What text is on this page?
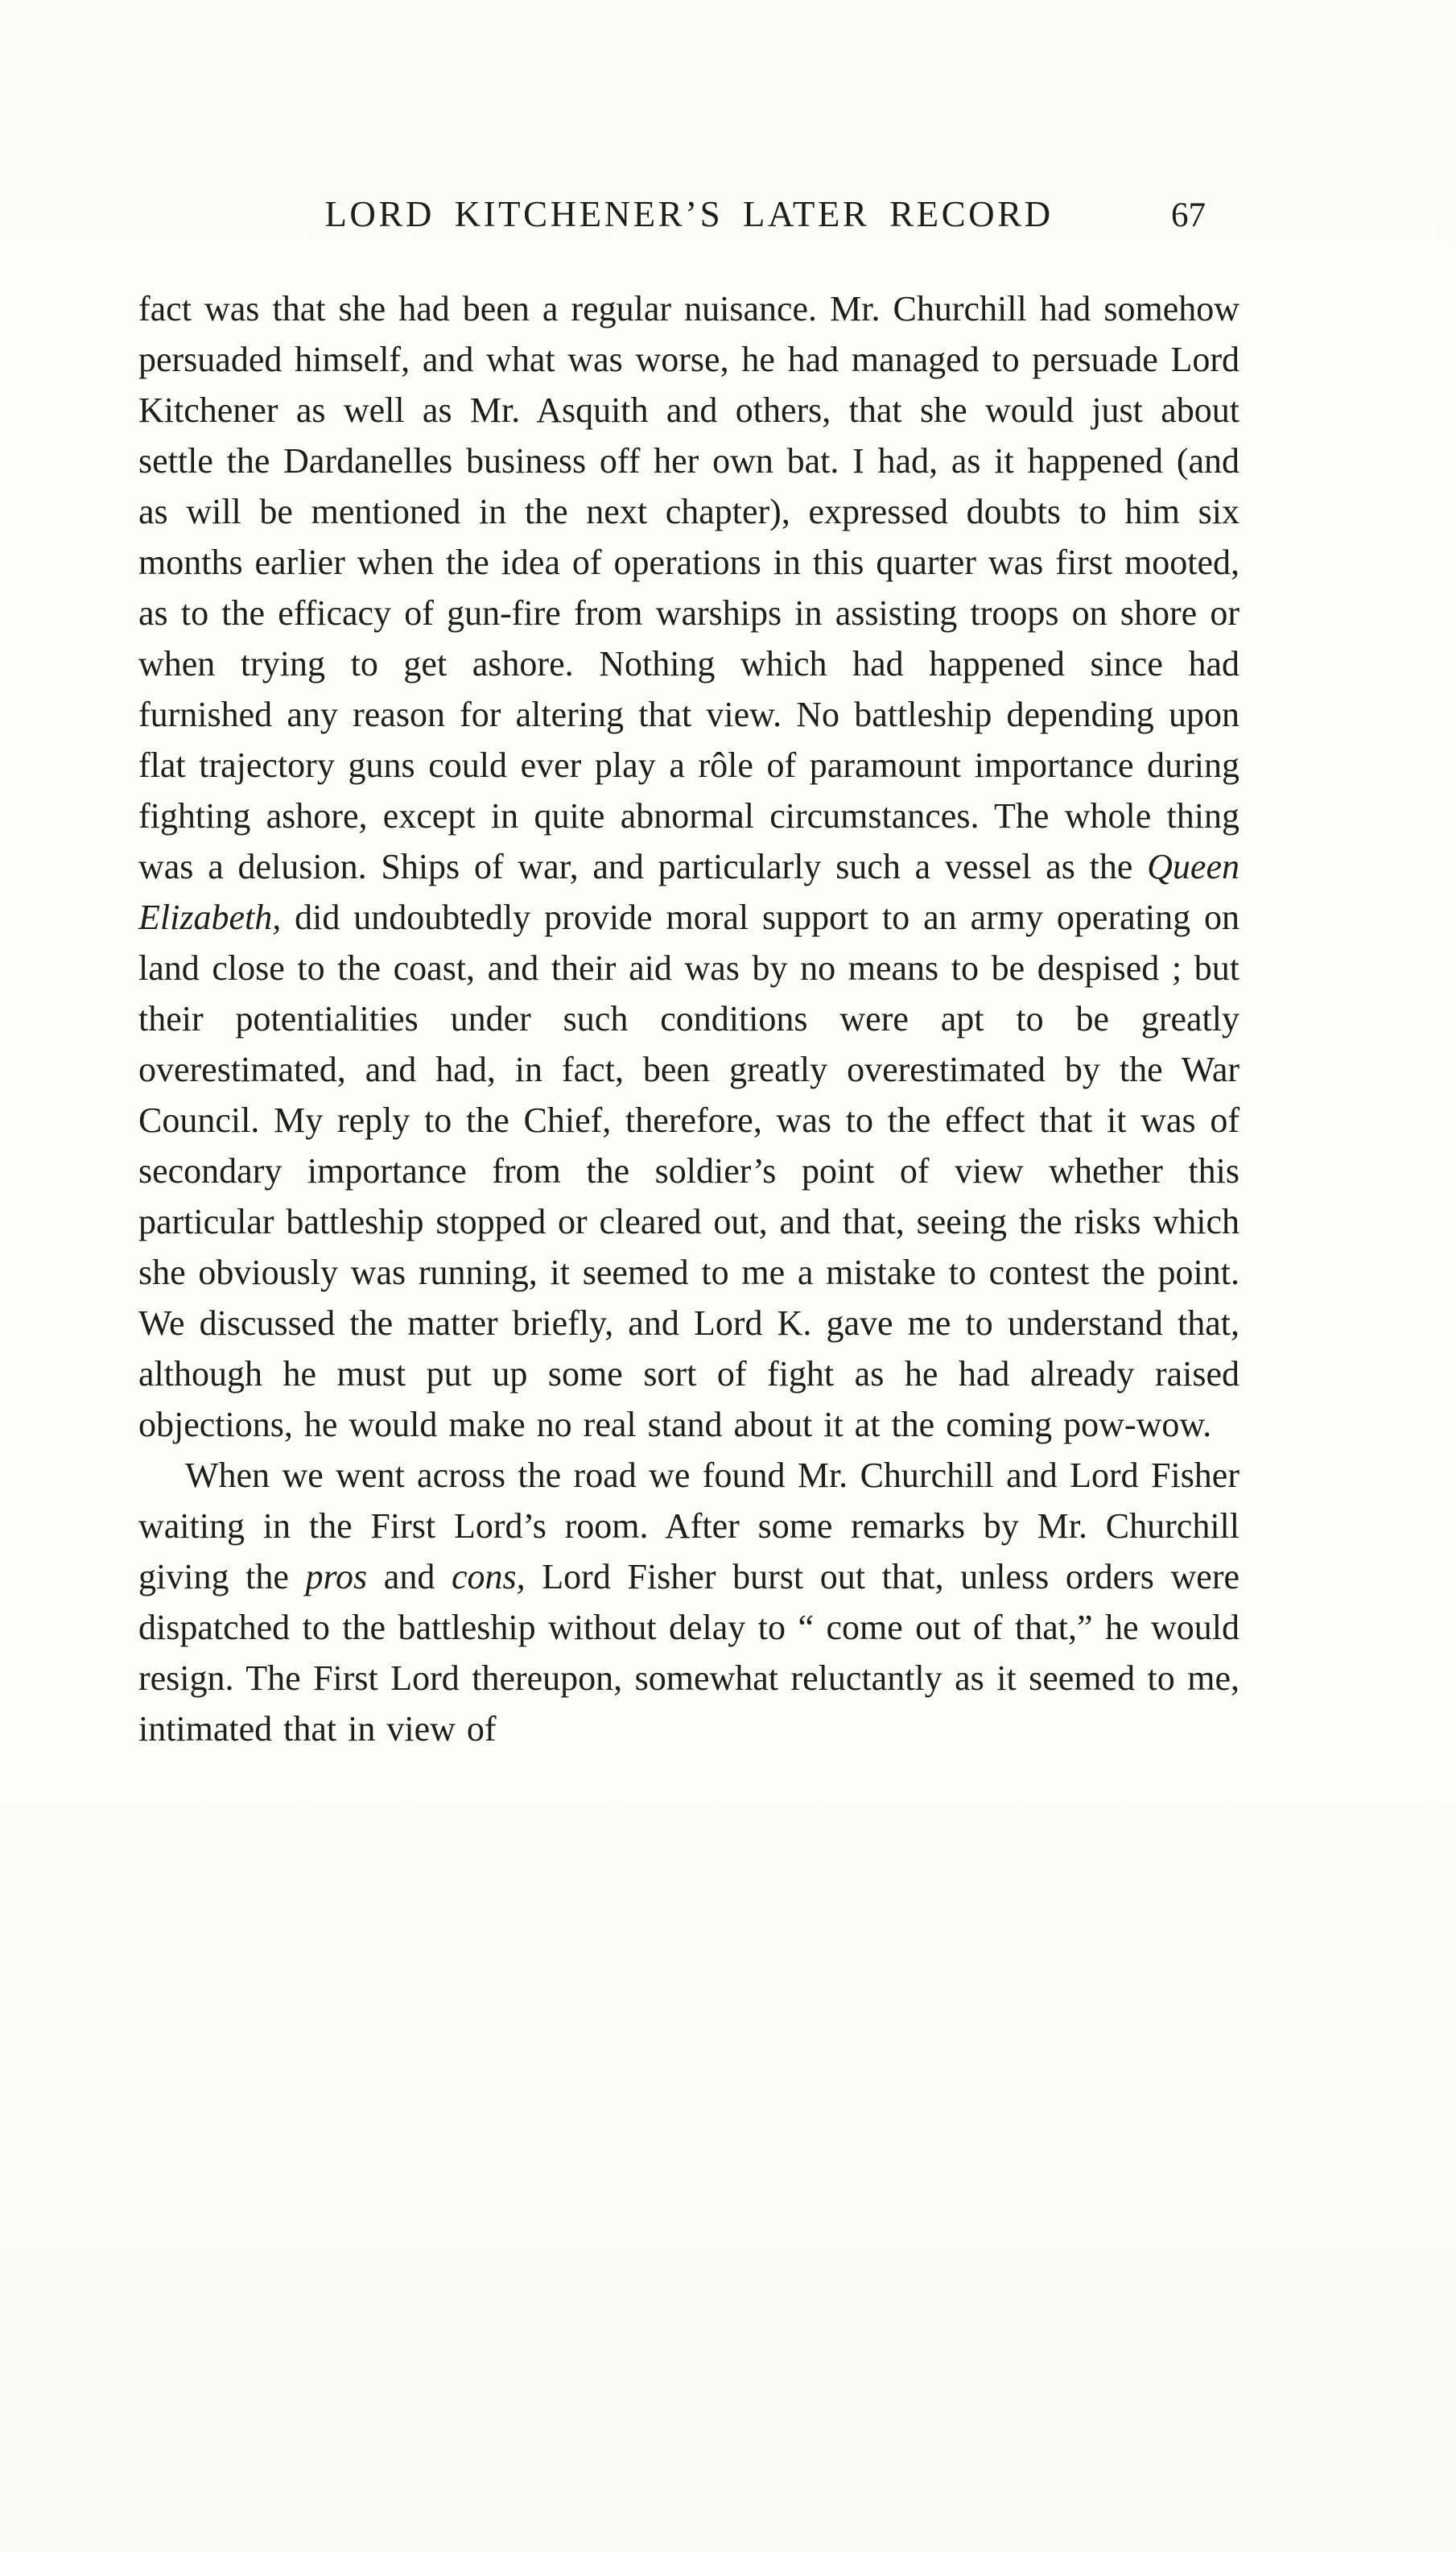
LORD KITCHENER’S LATER RECORD	67

fact was that she had been a regular nuisance. Mr. Churchill had somehow persuaded himself, and what was worse, he had managed to persuade Lord Kitchener as well as Mr. Asquith and others, that she would just about settle the Dardanelles business off her own bat. I had, as it happened (and as will be mentioned in the next chapter), expressed doubts to him six months earlier when the idea of operations in this quarter was first mooted, as to the efficacy of gun-fire from warships in assisting troops on shore or when trying to get ashore. Nothing which had happened since had furnished any reason for altering that view. No battleship depending upon flat trajectory guns could ever play a rôle of paramount importance during fighting ashore, except in quite abnormal circumstances. The whole thing was a delusion. Ships of war, and particularly such a vessel as the Queen Elizabeth, did undoubtedly provide moral support to an army operating on land close to the coast, and their aid was by no means to be despised ; but their potentialities under such conditions were apt to be greatly overestimated, and had, in fact, been greatly overestimated by the War Council. My reply to the Chief, therefore, was to the effect that it was of secondary importance from the soldier’s point of view whether this particular battleship stopped or cleared out, and that, seeing the risks which she obviously was running, it seemed to me a mistake to contest the point. We discussed the matter briefly, and Lord K. gave me to understand that, although he must put up some sort of fight as he had already raised objections, he would make no real stand about it at the coming pow-wow.

When we went across the road we found Mr. Churchill and Lord Fisher waiting in the First Lord’s room. After some remarks by Mr. Churchill giving the pros and cons, Lord Fisher burst out that, unless orders were dispatched to the battleship without delay to “ come out of that,” he would resign. The First Lord thereupon, somewhat reluctantly as it seemed to me, intimated that in view of
